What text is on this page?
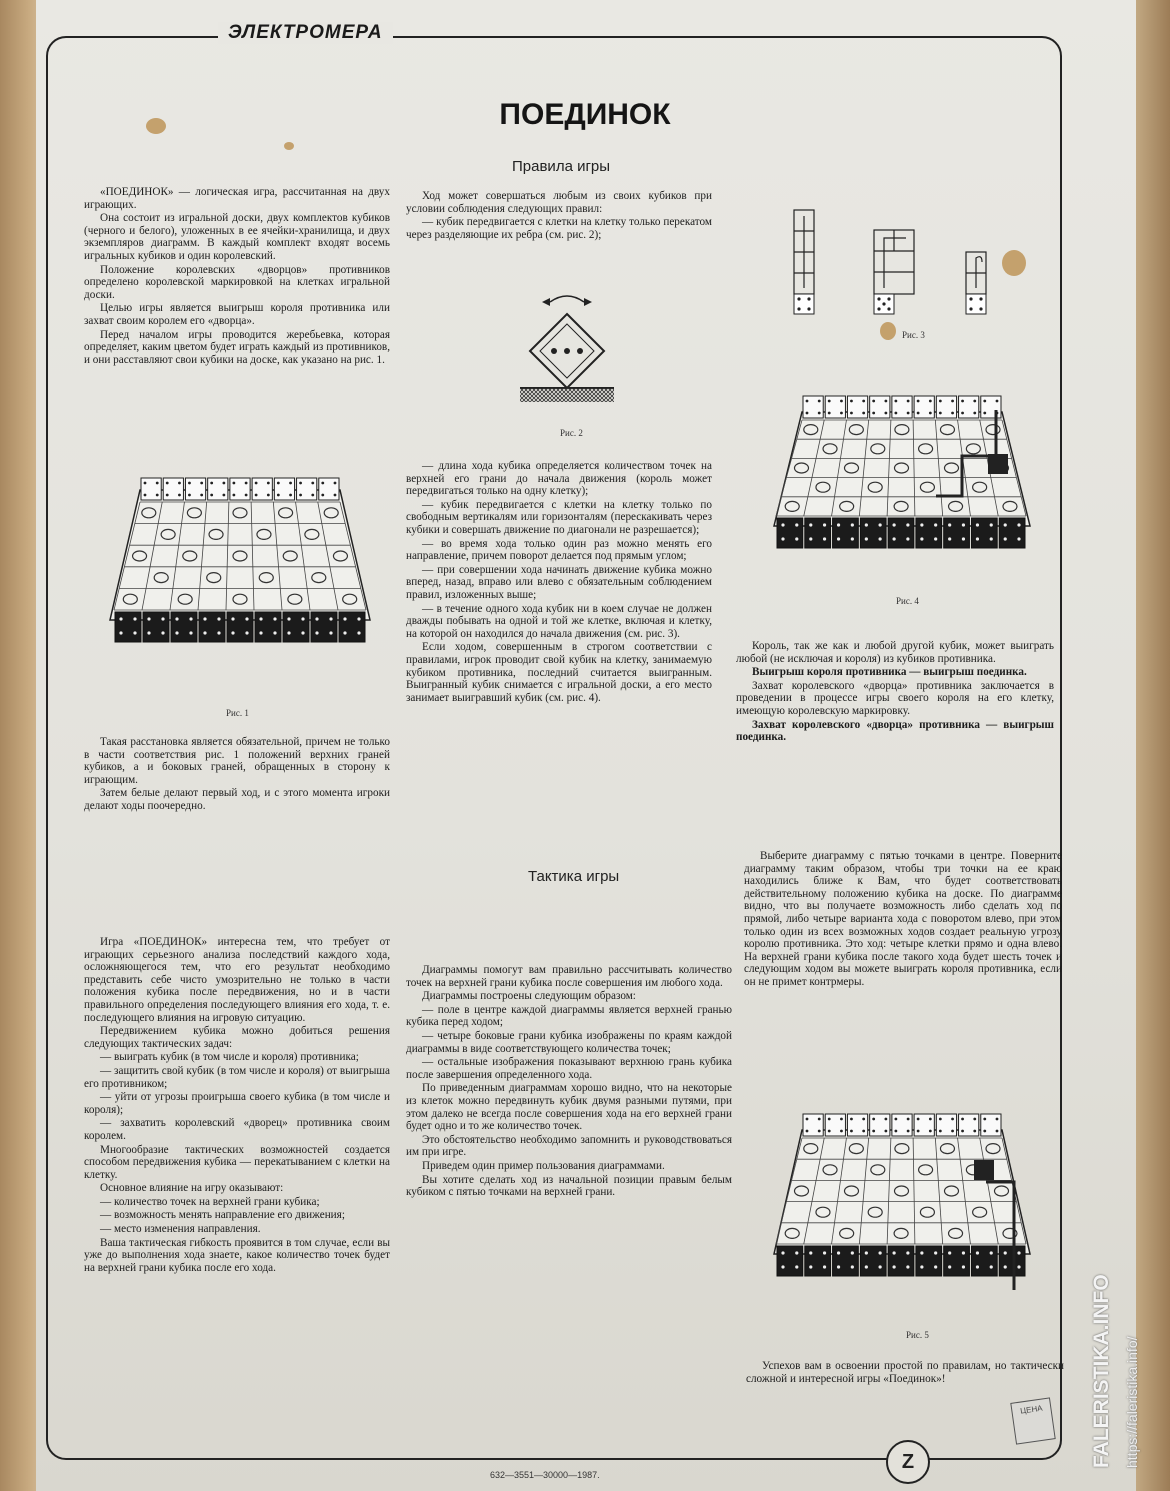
ЭЛЕКТРОМЕРА
ПОЕДИНОК
Правила игры

«ПОЕДИНОК» — логическая игра, рассчитанная на двух играющих.

Она состоит из игральной доски, двух комплектов кубиков (черного и белого), уложенных в ее ячейки-хранилища, и двух экземпляров диаграмм. В каждый комплект входят восемь игральных кубиков и один королевский.

Положение королевских «дворцов» противников определено королевской маркировкой на клетках игральной доски.

Целью игры является выигрыш короля противника или захват своим королем его «дворца».

Перед началом игры проводится жеребьевка, которая определяет, каким цветом будет играть каждый из противников, и они расставляют свои кубики на доске, как указано на рис. 1.

Рис. 1

Такая расстановка является обязательной, причем не только в части соответствия рис. 1 положений верхних граней кубиков, а и боковых граней, обращенных в сторону к играющим.

Затем белые делают первый ход, и с этого момента игроки делают ходы поочередно.

Ход может совершаться любым из своих кубиков при условии соблюдения следующих правил:

— кубик передвигается с клетки на клетку только перекатом через разделяющие их ребра (см. рис. 2);

Рис. 2

— длина хода кубика определяется количеством точек на верхней его грани до начала движения (король может передвигаться только на одну клетку);

— кубик передвигается с клетки на клетку только по свободным вертикалям или горизонталям (перескакивать через кубики и совершать движение по диагонали не разрешается);

— во время хода только один раз можно менять его направление, причем поворот делается под прямым углом;

— при совершении хода начинать движение кубика можно вперед, назад, вправо или влево с обязательным соблюдением правил, изложенных выше;

— в течение одного хода кубик ни в коем случае не должен дважды побывать на одной и той же клетке, включая и клетку, на которой он находился до начала движения (см. рис. 3).

Если ходом, совершенным в строгом соответствии с правилами, игрок проводит свой кубик на клетку, занимаемую кубиком противника, последний считается выигранным. Выигранный кубик снимается с игральной доски, а его место занимает выигравший кубик (см. рис. 4).

Рис. 3
Рис. 4

Король, так же как и любой другой кубик, может выиграть любой (не исключая и короля) из кубиков противника.

Выигрыш короля противника — выигрыш поединка.

Захват королевского «дворца» противника заключается в проведении в процессе игры своего короля на его клетку, имеющую королевскую маркировку.

Захват королевского «дворца» противника — выигрыш поединка.

Тактика игры

Игра «ПОЕДИНОК» интересна тем, что требует от играющих серьезного анализа последствий каждого хода, осложняющегося тем, что его результат необходимо представить себе чисто умозрительно не только в части положения кубика после передвижения, но и в части правильного определения последующего влияния его хода, т. е. последующего влияния на игровую ситуацию.

Передвижением кубика можно добиться решения следующих тактических задач:

— выиграть кубик (в том числе и короля) противника;

— защитить свой кубик (в том числе и короля) от выигрыша его противником;

— уйти от угрозы проигрыша своего кубика (в том числе и короля);

— захватить королевский «дворец» противника своим королем.

Многообразие тактических возможностей создается способом передвижения кубика — перекатыванием с клетки на клетку.

Основное влияние на игру оказывают:

— количество точек на верхней грани кубика;

— возможность менять направление его движения;

— место изменения направления.

Ваша тактическая гибкость проявится в том случае, если вы уже до выполнения хода знаете, какое количество точек будет на верхней грани кубика после его хода.

Диаграммы помогут вам правильно рассчитывать количество точек на верхней грани кубика после совершения им любого хода.

Диаграммы построены следующим образом:

— поле в центре каждой диаграммы является верхней гранью кубика перед ходом;

— четыре боковые грани кубика изображены по краям каждой диаграммы в виде соответствующего количества точек;

— остальные изображения показывают верхнюю грань кубика после завершения определенного хода.

По приведенным диаграммам хорошо видно, что на некоторые из клеток можно передвинуть кубик двумя разными путями, при этом далеко не всегда после совершения хода на его верхней грани будет одно и то же количество точек.

Это обстоятельство необходимо запомнить и руководствоваться им при игре.

Приведем один пример пользования диаграммами.

Вы хотите сделать ход из начальной позиции правым белым кубиком с пятью точками на верхней грани.

Выберите диаграмму с пятью точками в центре. Поверните диаграмму таким образом, чтобы три точки на ее краю находились ближе к Вам, что будет соответствовать действительному положению кубика на доске. По диаграмме видно, что вы получаете возможность либо сделать ход по прямой, либо четыре варианта хода с поворотом влево, при этом только один из всех возможных ходов создает реальную угрозу королю противника. Это ход: четыре клетки прямо и одна влево. На верхней грани кубика после такого хода будет шесть точек и следующим ходом вы можете выиграть короля противника, если он не примет контрмеры.

Рис. 5

Успехов вам в освоении простой по правилам, но тактически сложной и интересной игры «Поединок»!

632—3551—30000—1987.
Z
ЦЕНА	FALERISTIKA.INFO https://faleristika.info/
